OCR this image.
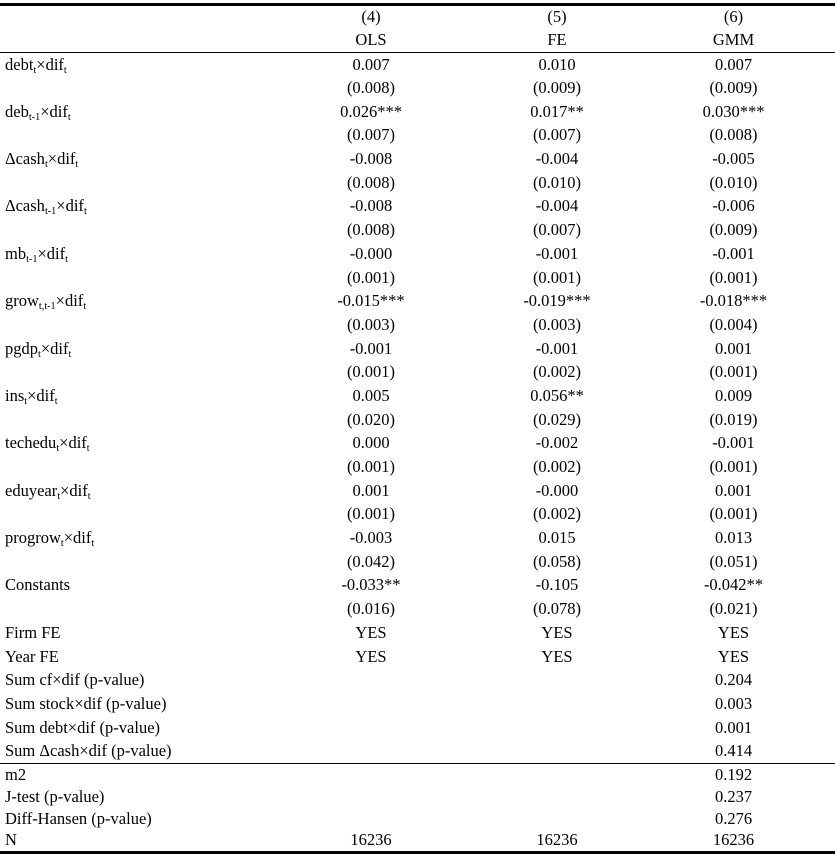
	(4)	(5)	(6)
	OLS	FE	GMM
debt$_t$×dif$_t$	0.007	0.010	0.007
	(0.008)	(0.009)	(0.009)
deb$_{t-1}$×dif$_t$	0.026***	0.017**	0.030***
	(0.007)	(0.007)	(0.008)
Δcash$_t$×dif$_t$	-0.008	-0.004	-0.005
	(0.008)	(0.010)	(0.010)
Δcash$_{t-1}$×dif$_t$	-0.008	-0.004	-0.006
	(0.008)	(0.007)	(0.009)
$mb_{t-1}\times dif_t$	-0.000	-0.001	-0.001
	(0.001)	(0.001)	(0.001)
grow$_{t,t-1}$×dif$_t$	-0.015***	-0.019***	-0.018***
	(0.003)	(0.003)	(0.004)
pgdp$_t$×dif$_t$	-0.001	-0.001	0.001
	(0.001)	(0.002)	(0.001)
ins$_t$×dif$_t$	0.005	0.056**	0.009
	(0.020)	(0.029)	(0.019)
techedu$_t$×dif$_t$	0.000	-0.002	-0.001
	(0.001)	(0.002)	(0.001)
eduyear$_t$×dif$_t$	0.001	-0.000	0.001
	(0.001)	(0.002)	(0.001)
progrow$_t$×dif$_t$	-0.003	0.015	0.013
	(0.042)	(0.058)	(0.051)
Constants	-0.033**	-0.105	-0.042**
	(0.016)	(0.078)	(0.021)
Firm FE	YES	YES	YES
Year FE	YES	YES	YES
Sum cf×dif (p-value)			0.204
Sum stock×dif (p-value)			0.003
Sum debt×dif (p-value)			0.001
Sum Δcash×dif (p-value)			0.414
m2			0.192
J-test (p-value)			0.237
Diff-Hansen (p-value)			0.276
N	16236	16236	16236
